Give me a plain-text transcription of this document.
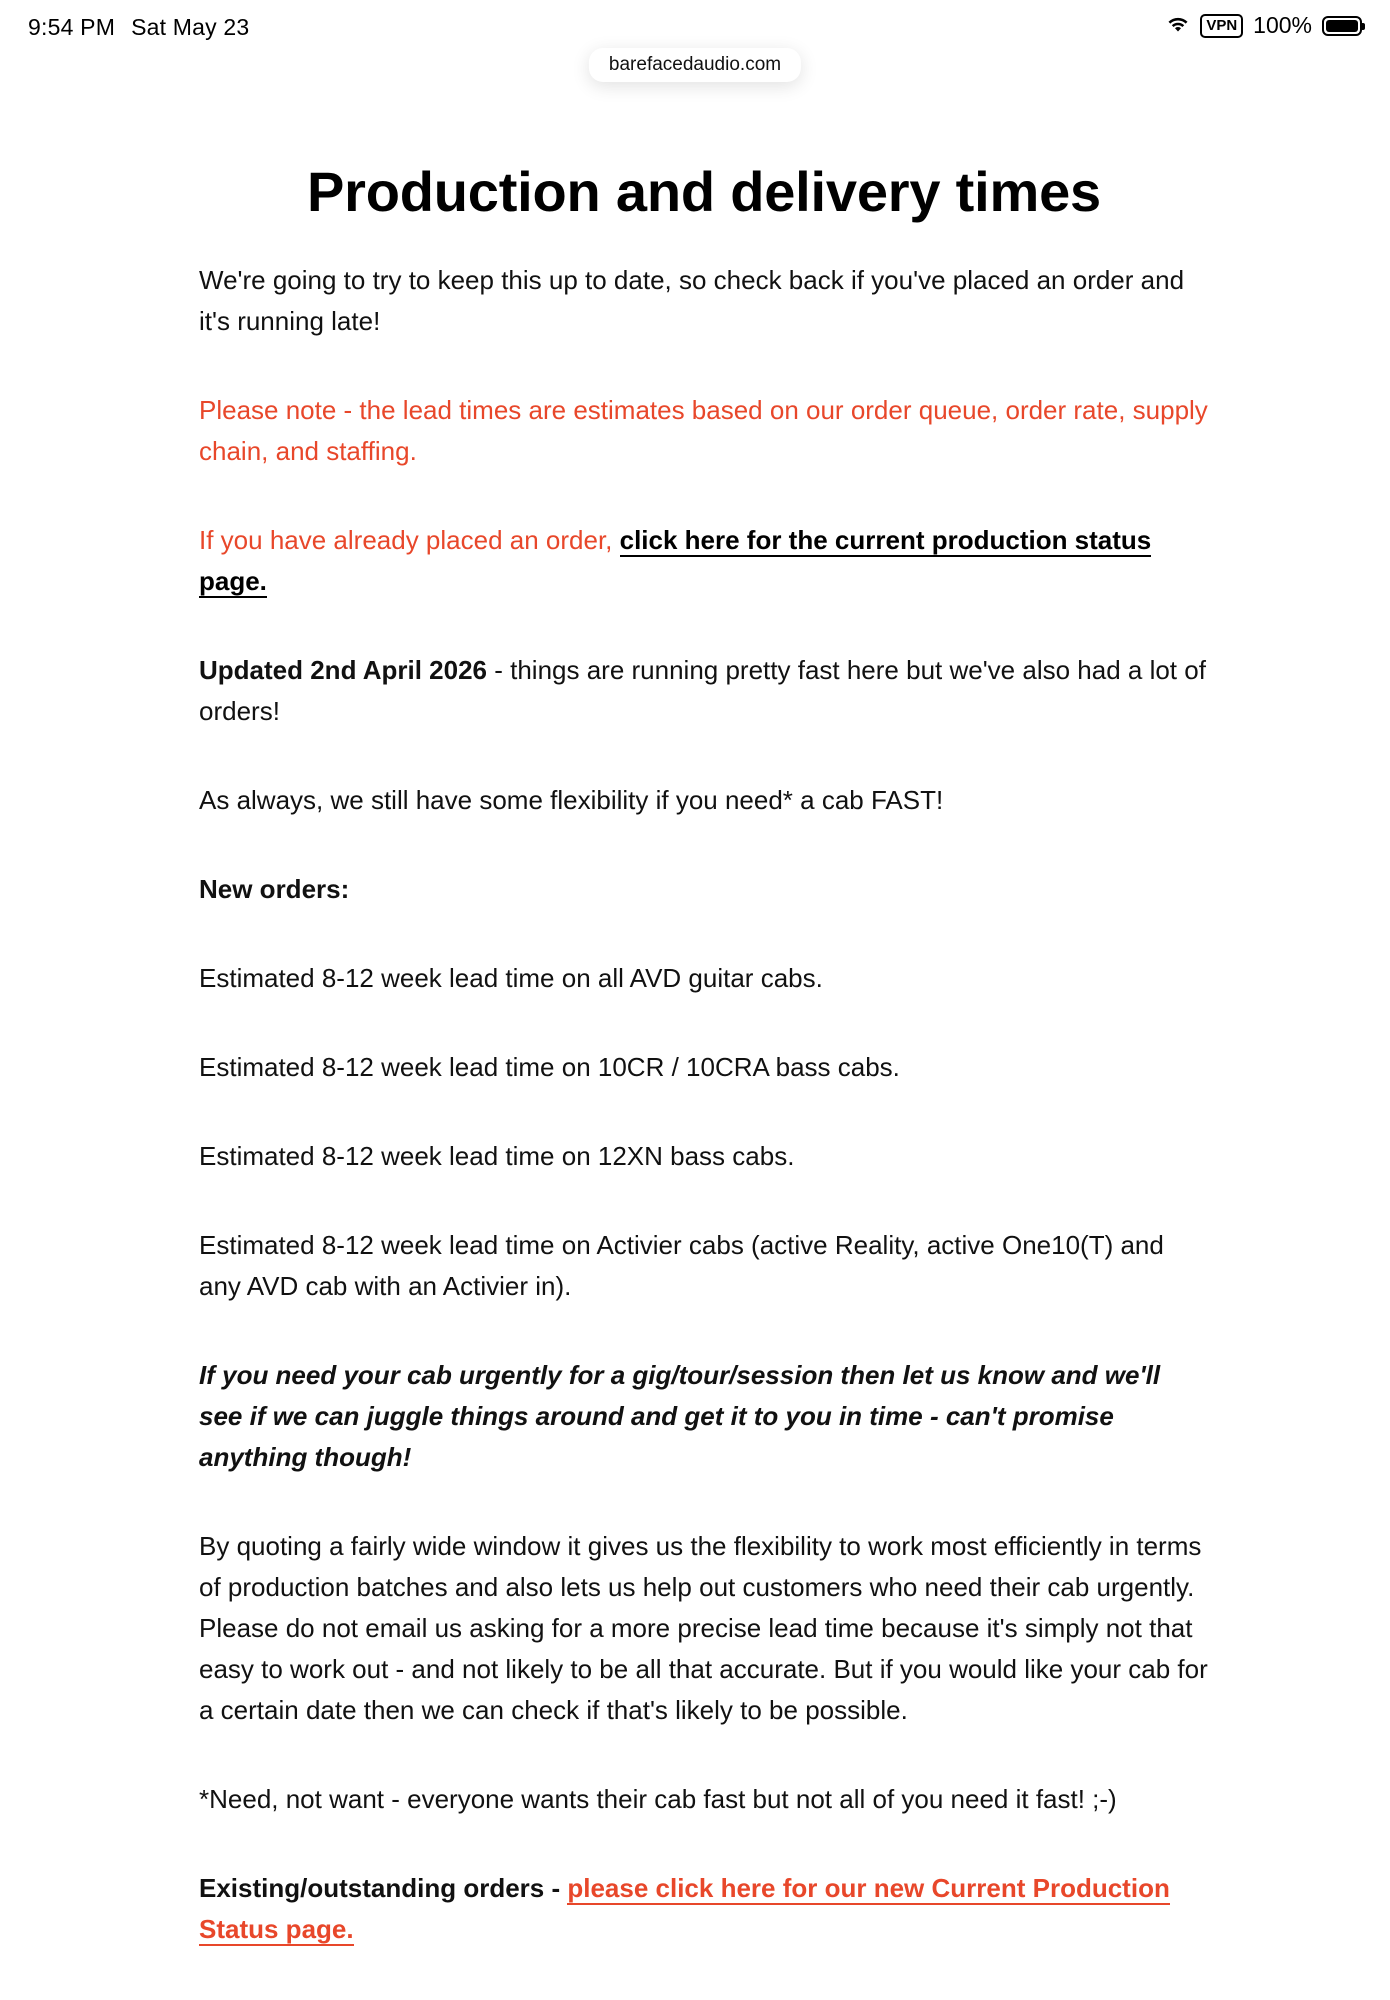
9:54 PM Sat May 23	VPN 100%
barefacedaudio.com
Production and delivery times

We're going to try to keep this up to date, so check back if you've placed an order and it's running late!

Please note - the lead times are estimates based on our order queue, order rate, supply chain, and staffing.

If you have already placed an order, click here for the current production status page.

Updated 2nd April 2026 - things are running pretty fast here but we've also had a lot of orders!

As always, we still have some flexibility if you need* a cab FAST!

New orders:

Estimated 8-12 week lead time on all AVD guitar cabs.

Estimated 8-12 week lead time on 10CR / 10CRA bass cabs.

Estimated 8-12 week lead time on 12XN bass cabs.

Estimated 8-12 week lead time on Activier cabs (active Reality, active One10(T) and any AVD cab with an Activier in).

If you need your cab urgently for a gig/tour/session then let us know and we'll see if we can juggle things around and get it to you in time - can't promise anything though!

By quoting a fairly wide window it gives us the flexibility to work most efficiently in terms of production batches and also lets us help out customers who need their cab urgently. Please do not email us asking for a more precise lead time because it's simply not that easy to work out - and not likely to be all that accurate. But if you would like your cab for a certain date then we can check if that's likely to be possible.

*Need, not want - everyone wants their cab fast but not all of you need it fast! ;-)

Existing/outstanding orders - please click here for our new Current Production Status page.
